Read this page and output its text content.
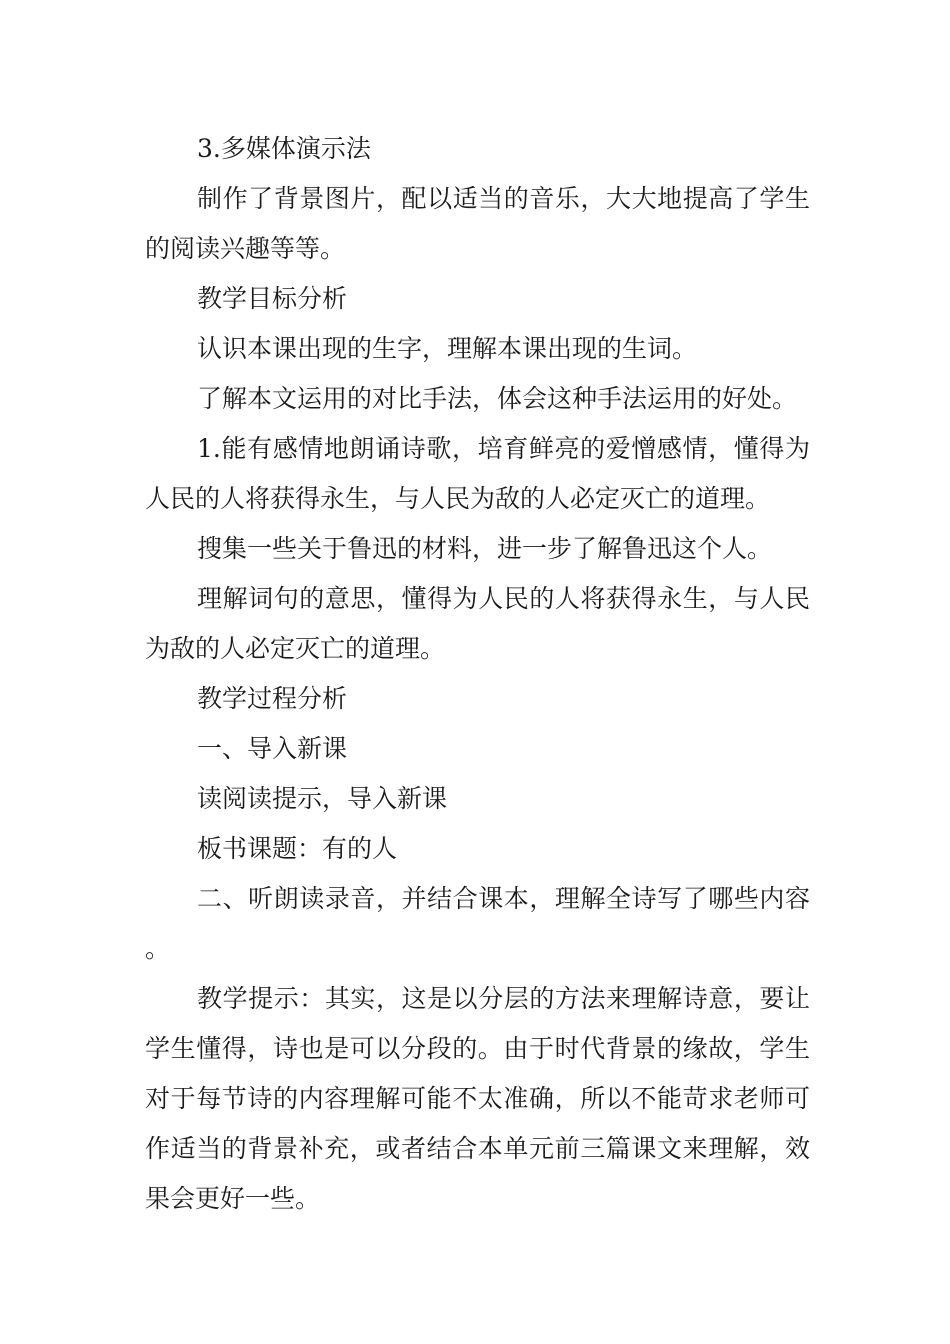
3.多媒体演示法

制作了背景图片，配以适当的音乐，大大地提高了学生的阅读兴趣等等。

教学目标分析

认识本课出现的生字，理解本课出现的生词。

了解本文运用的对比手法，体会这种手法运用的好处。

1.能有感情地朗诵诗歌，培育鲜亮的爱憎感情，懂得为人民的人将获得永生，与人民为敌的人必定灭亡的道理。

搜集一些关于鲁迅的材料，进一步了解鲁迅这个人。

理解词句的意思，懂得为人民的人将获得永生，与人民为敌的人必定灭亡的道理。

教学过程分析

一、导入新课

读阅读提示，导入新课

板书课题：有的人

二、听朗读录音，并结合课本，理解全诗写了哪些内容。

教学提示：其实，这是以分层的方法来理解诗意，要让学生懂得，诗也是可以分段的。由于时代背景的缘故，学生对于每节诗的内容理解可能不太准确，所以不能苛求老师可作适当的背景补充，或者结合本单元前三篇课文来理解，效果会更好一些。
